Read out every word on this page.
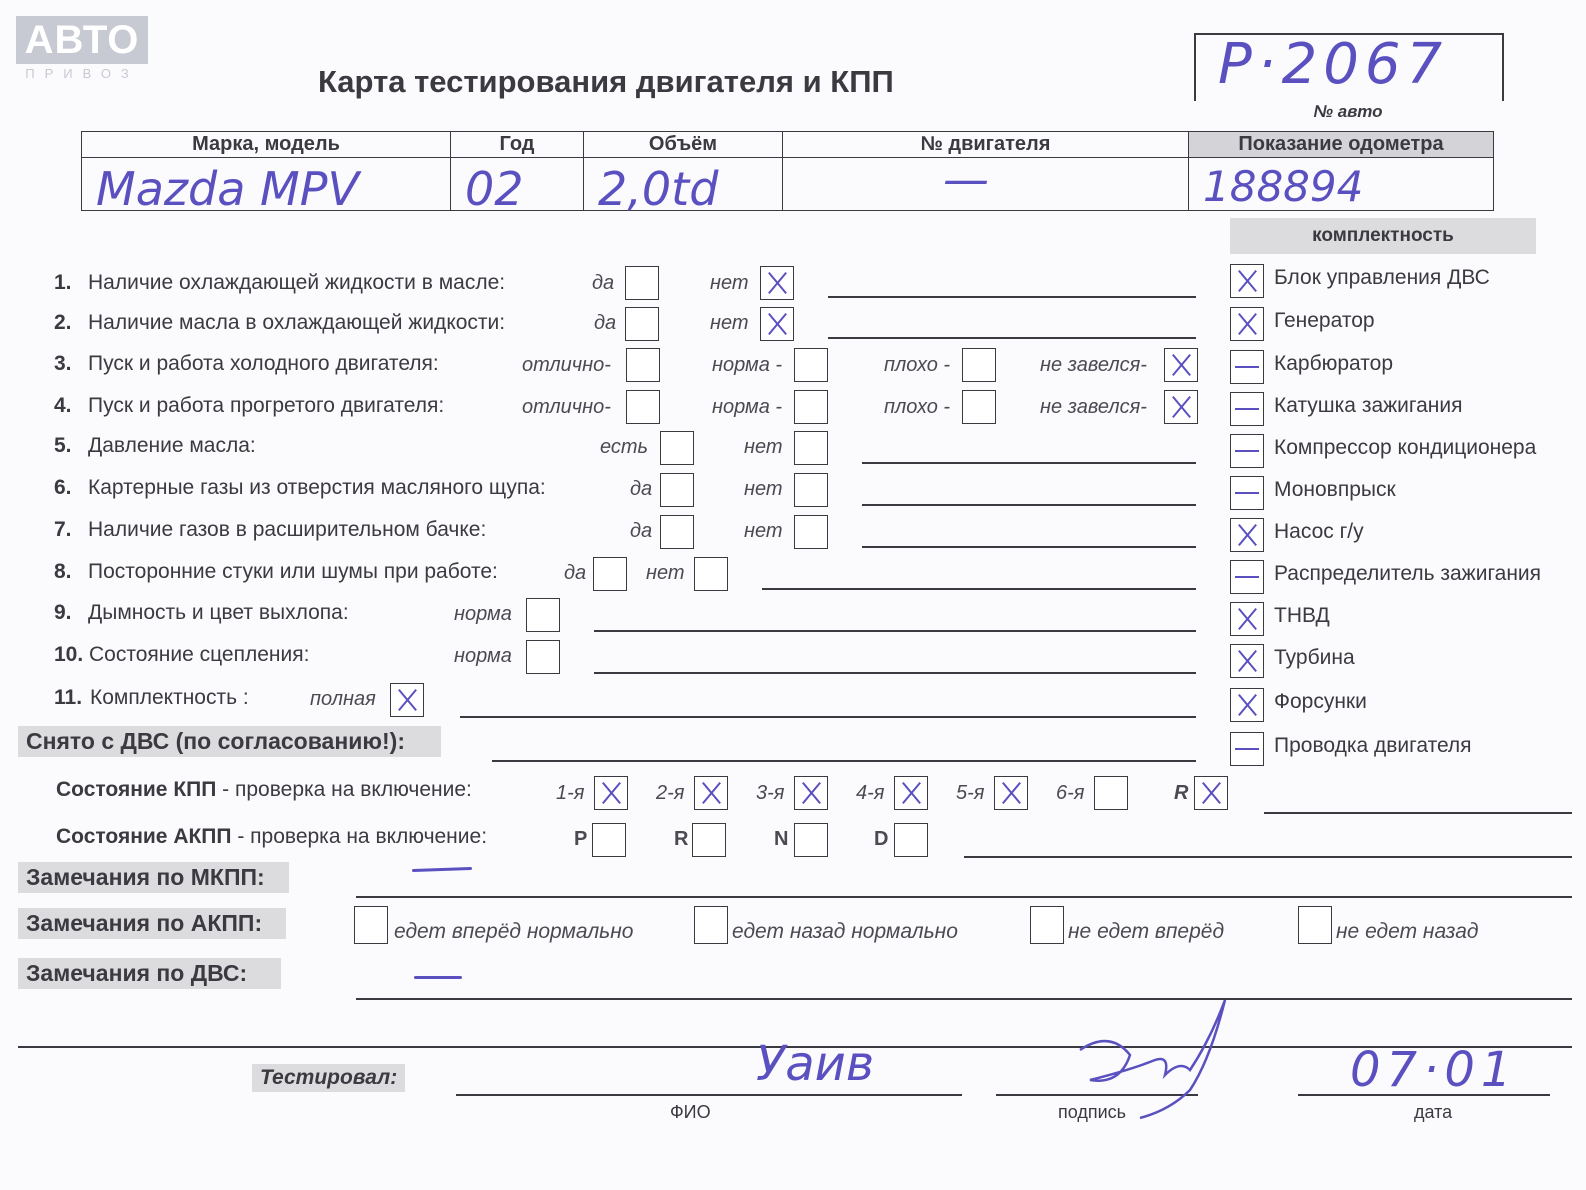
АВТО
ПРИВОЗ	Карта тестирования двигателя и КПП	P·2067
№ авто
Марка, модель	Год	Объём	№ двигателя	Показание одометра

Mazda MPV	02	2,0td	—	188894
комплектность
Блок управления ДВС
Генератор
Карбюратор
Катушка зажигания
Компрессор кондиционера
Моновпрыск
Насос г/у
Распределитель зажигания
ТНВД
Турбина
Форсунки
Проводка двигателя
1. Наличие охлаждающей жидкости в масле:	да	нет
2. Наличие масла в охлаждающей жидкости:	да	нет
3. Пуск и работа холодного двигателя:	отлично-	норма -	плохо -	не завелся-
4. Пуск и работа прогретого двигателя:	отлично-	норма -	плохо -	не завелся-
5. Давление масла:	есть	нет
6. Картерные газы из отверстия масляного щупа:	да	нет
7. Наличие газов в расширительном бачке:	да	нет
8. Посторонние стуки или шумы при работе:	да	нет
9. Дымность и цвет выхлопа:	норма
10. Состояние сцепления:	норма
11. Комплектность :	полная
Снято с ДВС (по согласованию!):
Состояние КПП - проверка на включение:	1-я	2-я	3-я	4-я	5-я	6-я	R
Состояние АКПП - проверка на включение:	P	R	N	D
Замечания по МКПП:
Замечания по АКПП:	едет вперёд нормально	едет назад нормально	не едет вперёд	не едет назад
Замечания по ДВС:
Тестировал:	Уаив
ФИО	подпись
07·01
дата
